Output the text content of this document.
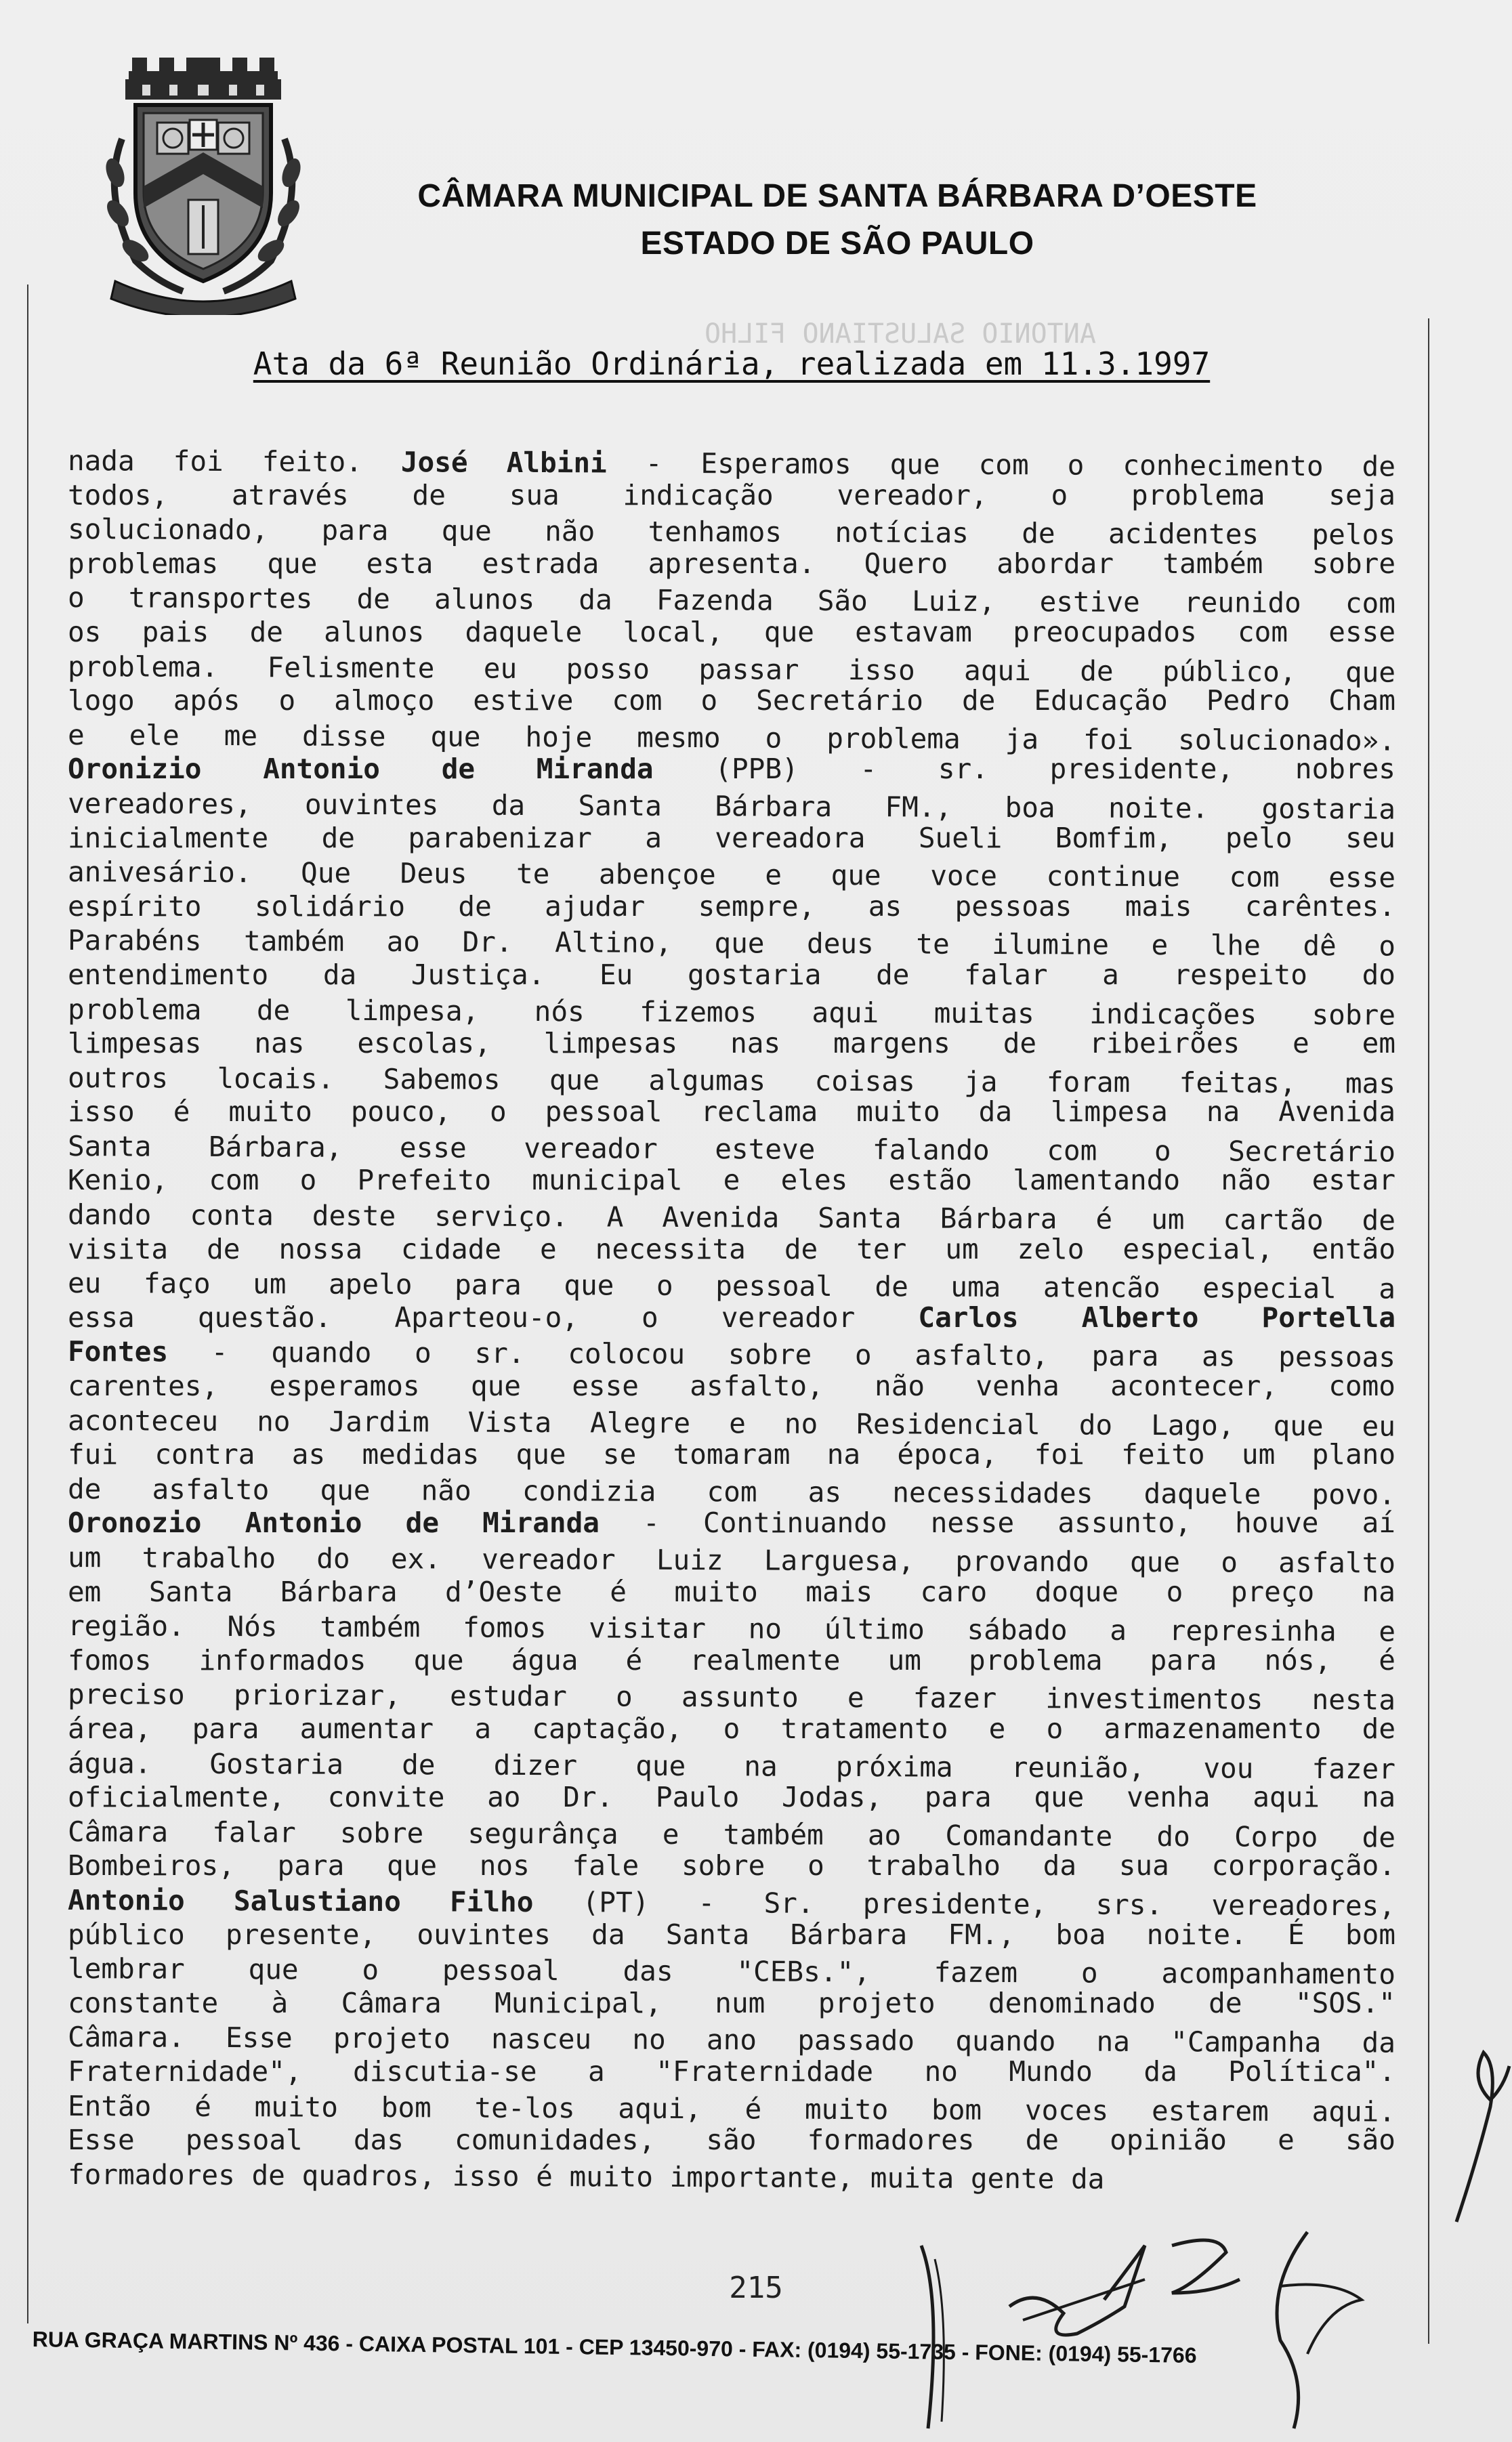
CÂMARA MUNICIPAL DE SANTA BÁRBARA D’OESTE
ESTADO DE SÃO PAULO
ANTONIO SALUSTIANO FILHO
Ata da 6ª Reunião Ordinária, realizada em 11.3.1997
nada foi feito. José Albini - Esperamos que com o conhecimento de
todos, através de sua indicação vereador, o problema seja
solucionado, para que não tenhamos notícias de acidentes pelos
problemas que esta estrada apresenta. Quero abordar também sobre
o transportes de alunos da Fazenda São Luiz, estive reunido com
os pais de alunos daquele local, que estavam preocupados com esse
problema. Felismente eu posso passar isso aqui de público, que
logo após o almoço estive com o Secretário de Educação Pedro Cham
e ele me disse que hoje mesmo o problema ja foi solucionado».
Oronizio Antonio de Miranda (PPB) - sr. presidente, nobres
vereadores, ouvintes da Santa Bárbara FM., boa noite. gostaria
inicialmente de parabenizar a vereadora Sueli Bomfim, pelo seu
anivesário. Que Deus te abençoe e que voce continue com esse
espírito solidário de ajudar sempre, as pessoas mais carêntes.
Parabéns também ao Dr. Altino, que deus te ilumine e lhe dê o
entendimento da Justiça. Eu gostaria de falar a respeito do
problema de limpesa, nós fizemos aqui muitas indicações sobre
limpesas nas escolas, limpesas nas margens de ribeirões e em
outros locais. Sabemos que algumas coisas ja foram feitas, mas
isso é muito pouco, o pessoal reclama muito da limpesa na Avenida
Santa Bárbara, esse vereador esteve falando com o Secretário
Kenio, com o Prefeito municipal e eles estão lamentando não estar
dando conta deste serviço. A Avenida Santa Bárbara é um cartão de
visita de nossa cidade e necessita de ter um zelo especial, então
eu faço um apelo para que o pessoal de uma atencão especial a
essa questão. Aparteou-o, o vereador Carlos Alberto Portella
Fontes - quando o sr. colocou sobre o asfalto, para as pessoas
carentes, esperamos que esse asfalto, não venha acontecer, como
aconteceu no Jardim Vista Alegre e no Residencial do Lago, que eu
fui contra as medidas que se tomaram na época, foi feito um plano
de asfalto que não condizia com as necessidades daquele povo.
Oronozio Antonio de Miranda - Continuando nesse assunto, houve aí
um trabalho do ex. vereador Luiz Larguesa, provando que o asfalto
em Santa Bárbara d’Oeste é muito mais caro doque o preço na
região. Nós também fomos visitar no último sábado a represinha e
fomos informados que água é realmente um problema para nós, é
preciso priorizar, estudar o assunto e fazer investimentos nesta
área, para aumentar a captação, o tratamento e o armazenamento de
água. Gostaria de dizer que na próxima reunião, vou fazer
oficialmente, convite ao Dr. Paulo Jodas, para que venha aqui na
Câmara falar sobre segurânça e também ao Comandante do Corpo de
Bombeiros, para que nos fale sobre o trabalho da sua corporação.
Antonio Salustiano Filho (PT) - Sr. presidente, srs. vereadores,
público presente, ouvintes da Santa Bárbara FM., boa noite. É bom
lembrar que o pessoal das "CEBs.", fazem o acompanhamento
constante à Câmara Municipal, num projeto denominado de "SOS."
Câmara. Esse projeto nasceu no ano passado quando na "Campanha da
Fraternidade", discutia-se a "Fraternidade no Mundo da Política".
Então é muito bom te-los aqui, é muito bom voces estarem aqui.
Esse pessoal das comunidades, são formadores de opinião e são
formadores de quadros, isso é muito importante, muita gente da
215
RUA GRAÇA MARTINS Nº 436 - CAIXA POSTAL 101 - CEP 13450-970 - FAX: (0194) 55-1735 - FONE: (0194) 55-1766
